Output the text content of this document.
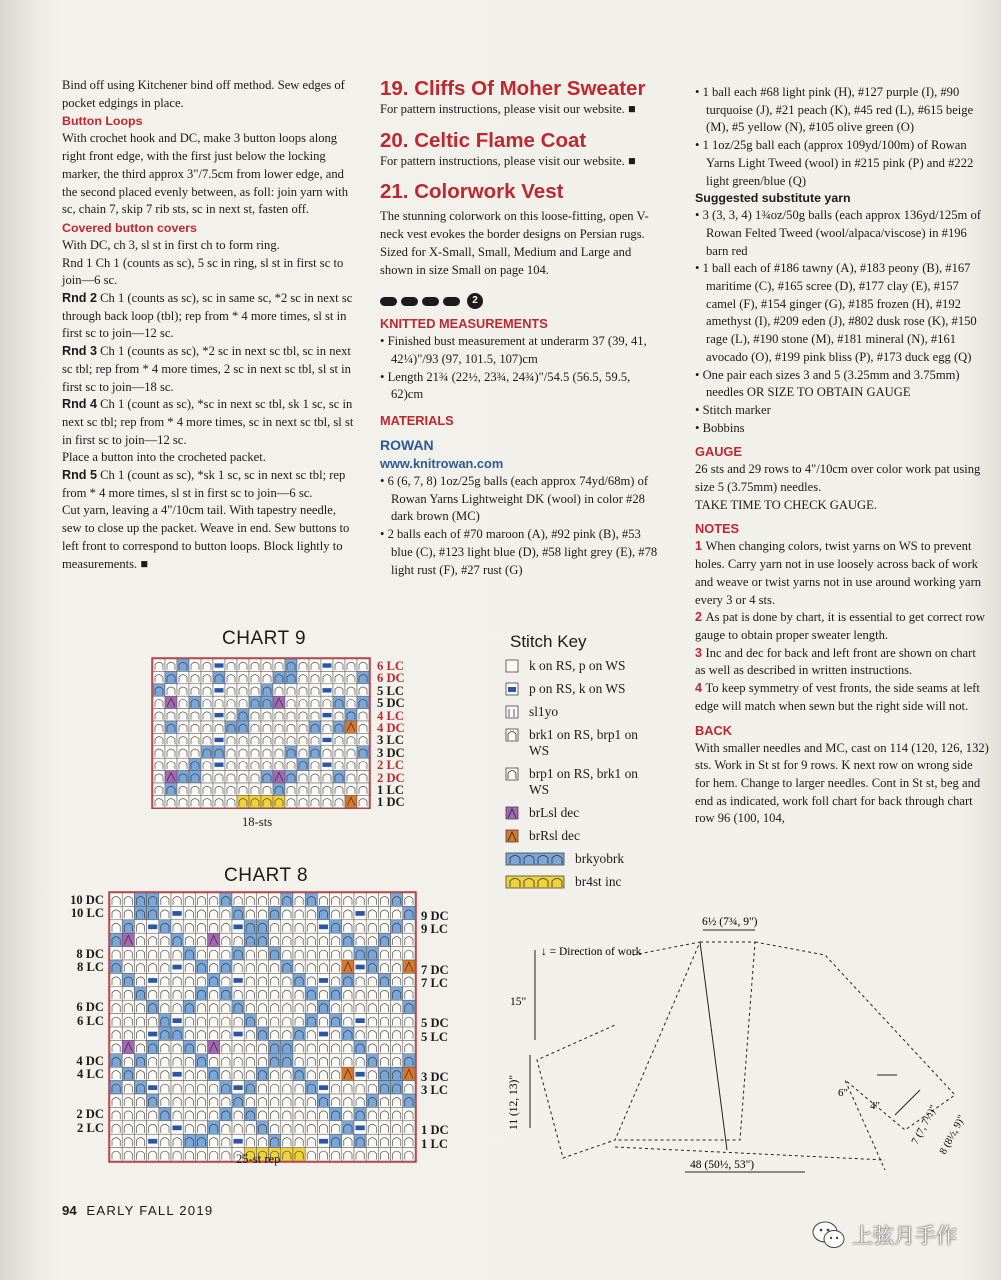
Bind off using Kitchener bind off method. Sew edges of pocket edgings in place.

Button Loops

With crochet hook and DC, make 3 button loops along right front edge, with the first just below the locking marker, the third approx 3"/7.5cm from lower edge, and the second placed evenly between, as foll: join yarn with sc, chain 7, skip 7 rib sts, sc in next st, fasten off.

Covered button covers

With DC, ch 3, sl st in first ch to form ring.

Rnd 1 Ch 1 (counts as sc), 5 sc in ring, sl st in first sc to join—6 sc.

Rnd 2 Ch 1 (counts as sc), sc in same sc, *2 sc in next sc through back loop (tbl); rep from * 4 more times, sl st in first sc to join—12 sc.

Rnd 3 Ch 1 (counts as sc), *2 sc in next sc tbl, sc in next sc tbl; rep from * 4 more times, 2 sc in next sc tbl, sl st in first sc to join—18 sc.

Rnd 4 Ch 1 (count as sc), *sc in next sc tbl, sk 1 sc, sc in next sc tbl; rep from * 4 more times, sc in next sc tbl, sl st in first sc to join—12 sc.

Place a button into the crocheted packet.

Rnd 5 Ch 1 (count as sc), *sk 1 sc, sc in next sc tbl; rep from * 4 more times, sl st in first sc to join—6 sc.

Cut yarn, leaving a 4"/10cm tail. With tapestry needle, sew to close up the packet. Weave in end. Sew buttons to left front to correspond to button loops. Block lightly to measurements. ■

19. Cliffs Of Moher Sweater

For pattern instructions, please visit our website. ■

20. Celtic Flame Coat

For pattern instructions, please visit our website. ■

21. Colorwork Vest

The stunning colorwork on this loose-fitting, open V-neck vest evokes the border designs on Persian rugs. Sized for X-Small, Small, Medium and Large and shown in size Small on page 104.

2
KNITTED MEASUREMENTS

• Finished bust measurement at underarm 37 (39, 41, 42¼)"/93 (97, 101.5, 107)cm

• Length 21¾ (22½, 23¾, 24¾)"/54.5 (56.5, 59.5, 62)cm

MATERIALS
ROWAN
www.knitrowan.com

• 6 (6, 7, 8) 1oz/25g balls (each approx 74yd/68m) of Rowan Yarns Lightweight DK (wool) in color #28 dark brown (MC)

• 2 balls each of #70 maroon (A), #92 pink (B), #53 blue (C), #123 light blue (D), #58 light grey (E), #78 light rust (F), #27 rust (G)

• 1 ball each #68 light pink (H), #127 purple (I), #90 turquoise (J), #21 peach (K), #45 red (L), #615 beige (M), #5 yellow (N), #105 olive green (O)

• 1 1oz/25g ball each (approx 109yd/100m) of Rowan Yarns Light Tweed (wool) in #215 pink (P) and #222 light green/blue (Q)

Suggested substitute yarn

• 3 (3, 3, 4) 1¾oz/50g balls (each approx 136yd/125m of Rowan Felted Tweed (wool/alpaca/viscose) in #196 barn red

• 1 ball each of #186 tawny (A), #183 peony (B), #167 maritime (C), #165 scree (D), #177 clay (E), #157 camel (F), #154 ginger (G), #185 frozen (H), #192 amethyst (I), #209 eden (J), #802 dusk rose (K), #150 rage (L), #190 stone (M), #181 mineral (N), #161 avocado (O), #199 pink bliss (P), #173 duck egg (Q)

• One pair each sizes 3 and 5 (3.25mm and 3.75mm) needles OR SIZE TO OBTAIN GAUGE

• Stitch marker

• Bobbins

GAUGE

26 sts and 29 rows to 4"/10cm over color work pat using size 5 (3.75mm) needles.

TAKE TIME TO CHECK GAUGE.

NOTES

1 When changing colors, twist yarns on WS to prevent holes. Carry yarn not in use loosely across back of work and weave or twist yarns not in use around working yarn every 3 or 4 sts.

2 As pat is done by chart, it is essential to get correct row gauge to obtain proper sweater length.

3 Inc and dec for back and left front are shown on chart as well as described in written instructions.

4 To keep symmetry of vest fronts, the side seams at left edge will match when sewn but the right side will not.

BACK

With smaller needles and MC, cast on 114 (120, 126, 132) sts. Work in St st for 9 rows. K next row on wrong side for hem. Change to larger needles. Cont in St st, beg and end as indicated, work foll chart for back through chart row 96 (100, 104,

CHART 9
6 LC
6 DC
5 LC
5 DC
4 LC
4 DC
3 LC
3 DC
2 LC
2 DC
1 LC
1 DC
18-sts
CHART 8
10 DC
10 LC
8 DC
8 LC
6 DC
6 LC
4 DC
4 LC
2 DC
2 LC
9 DC
9 LC
7 DC
7 LC
5 DC
5 LC
3 DC
3 LC
1 DC
1 LC
25-st rep
Stitch Key
k on RS, p on WS
p on RS, k on WS
sl1yo
brk1 on RS, brp1 on WS
brp1 on RS, brk1 on WS
brLsl dec
brRsl dec
brkyobrk
br4st inc
6½ (7¾, 9")
↓ = Direction of work
15"
11 (12, 13)"
48 (50½, 53")
6"
4"	7 (7, 7½)"
8 (8½, 9)"
94 EARLY FALL 2019
上弦月手作
